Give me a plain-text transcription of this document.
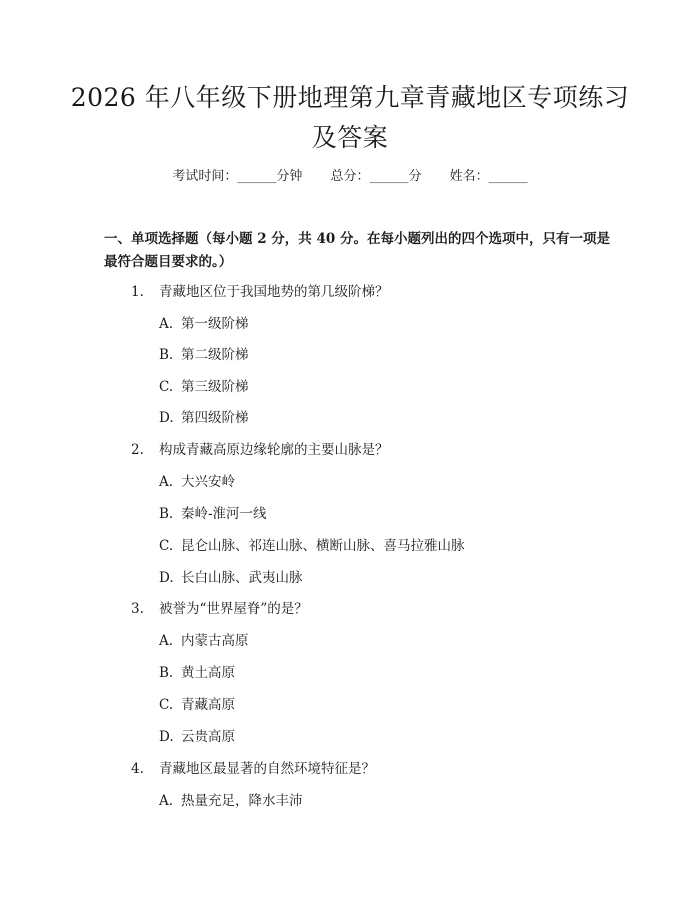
2026 年八年级下册地理第九章青藏地区专项练习及答案
考试时间：______分钟 总分：______分 姓名：______
一、单项选择题（每小题 2 分，共 40 分。在每小题列出的四个选项中，只有一项是最符合题目要求的。）
1. 青藏地区位于我国地势的第几级阶梯？
A. 第一级阶梯
B. 第二级阶梯
C. 第三级阶梯
D. 第四级阶梯
2. 构成青藏高原边缘轮廓的主要山脉是？
A. 大兴安岭
B. 秦岭-淮河一线
C. 昆仑山脉、祁连山脉、横断山脉、喜马拉雅山脉
D. 长白山脉、武夷山脉
3. 被誉为“世界屋脊”的是？
A. 内蒙古高原
B. 黄土高原
C. 青藏高原
D. 云贵高原
4. 青藏地区最显著的自然环境特征是？
A. 热量充足，降水丰沛
